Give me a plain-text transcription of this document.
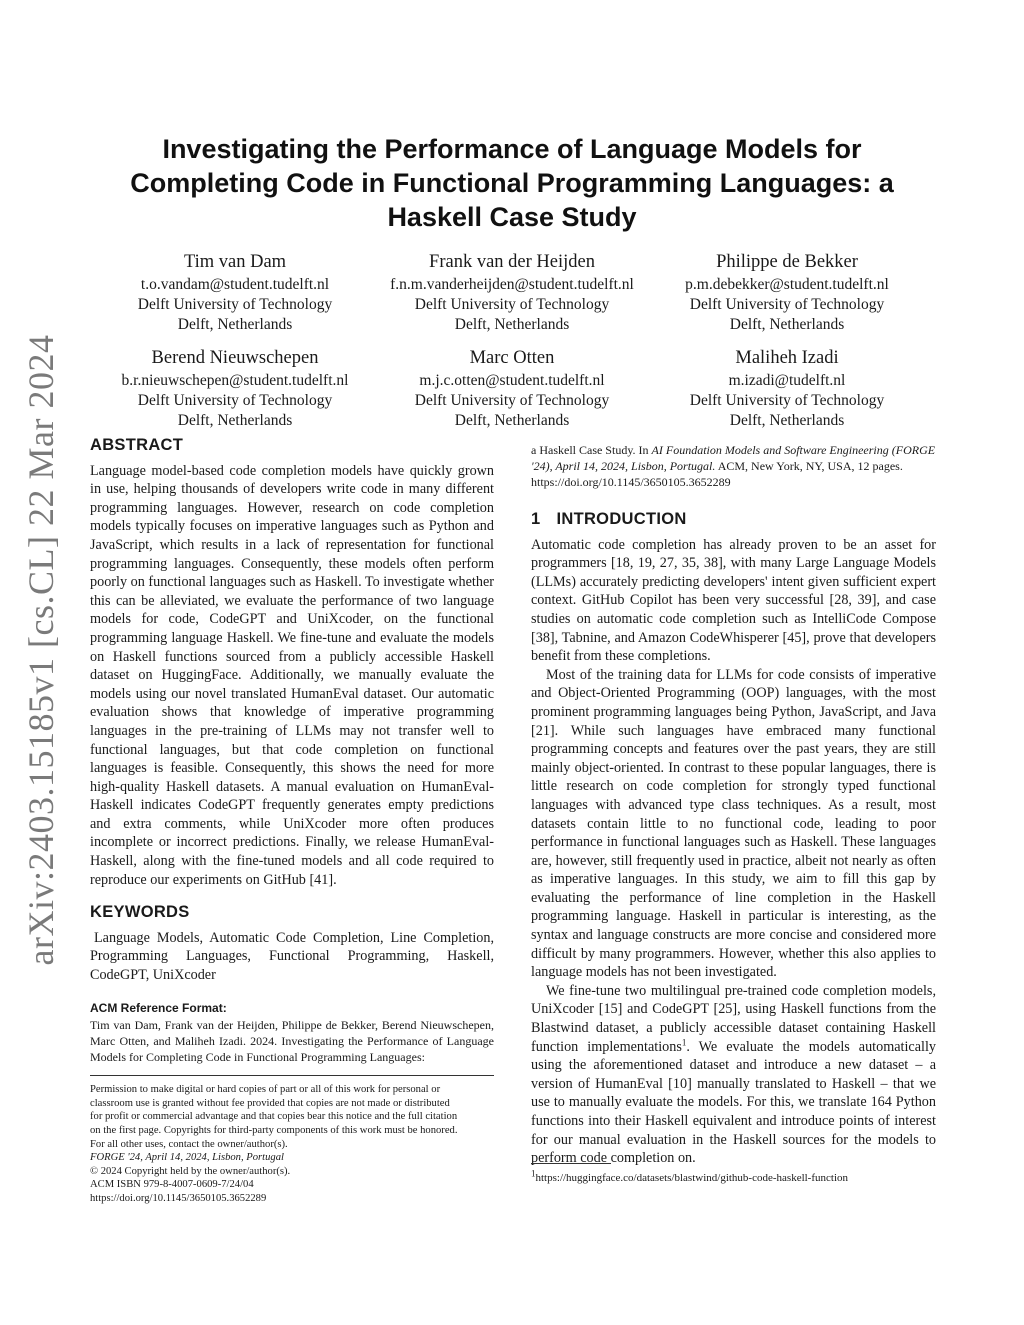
arXiv:2403.15185v1 [cs.CL] 22 Mar 2024
Investigating the Performance of Language Models for Completing Code in Functional Programming Languages: a Haskell Case Study
Tim van Dam
t.o.vandam@student.tudelft.nl
Delft University of Technology
Delft, Netherlands
Frank van der Heijden
f.n.m.vanderheijden@student.tudelft.nl
Delft University of Technology
Delft, Netherlands
Philippe de Bekker
p.m.debekker@student.tudelft.nl
Delft University of Technology
Delft, Netherlands
Berend Nieuwschepen
b.r.nieuwschepen@student.tudelft.nl
Delft University of Technology
Delft, Netherlands
Marc Otten
m.j.c.otten@student.tudelft.nl
Delft University of Technology
Delft, Netherlands
Maliheh Izadi
m.izadi@tudelft.nl
Delft University of Technology
Delft, Netherlands
ABSTRACT

Language model-based code completion models have quickly grown in use, helping thousands of developers write code in many different programming languages. However, research on code completion models typically focuses on imperative languages such as Python and JavaScript, which results in a lack of representation for functional programming languages. Consequently, these models often perform poorly on functional languages such as Haskell. To investigate whether this can be alleviated, we evaluate the performance of two language models for code, CodeGPT and UniXcoder, on the functional programming language Haskell. We fine-tune and evaluate the models on Haskell functions sourced from a publicly accessible Haskell dataset on HuggingFace. Additionally, we manually evaluate the models using our novel translated HumanEval dataset. Our automatic evaluation shows that knowledge of imperative programming languages in the pre-training of LLMs may not transfer well to functional languages, but that code completion on functional languages is feasible. Consequently, this shows the need for more high-quality Haskell datasets. A manual evaluation on HumanEval-Haskell indicates CodeGPT frequently generates empty predictions and extra comments, while UniXcoder more often produces incomplete or incorrect predictions. Finally, we release HumanEval-Haskell, along with the fine-tuned models and all code required to reproduce our experiments on GitHub [41].

KEYWORDS

Language Models, Automatic Code Completion, Line Completion, Programming Languages, Functional Programming, Haskell, CodeGPT, UniXcoder

ACM Reference Format:

Tim van Dam, Frank van der Heijden, Philippe de Bekker, Berend Nieuwschepen, Marc Otten, and Maliheh Izadi. 2024. Investigating the Performance of Language Models for Completing Code in Functional Programming Languages:

Permission to make digital or hard copies of part or all of this work for personal or
classroom use is granted without fee provided that copies are not made or distributed
for profit or commercial advantage and that copies bear this notice and the full citation
on the first page. Copyrights for third-party components of this work must be honored.
For all other uses, contact the owner/author(s).
FORGE '24, April 14, 2024, Lisbon, Portugal
© 2024 Copyright held by the owner/author(s).
ACM ISBN 979-8-4007-0609-7/24/04
https://doi.org/10.1145/3650105.3652289

a Haskell Case Study. In AI Foundation Models and Software Engineering (FORGE '24), April 14, 2024, Lisbon, Portugal. ACM, New York, NY, USA, 12 pages. https://doi.org/10.1145/3650105.3652289

1 INTRODUCTION

Automatic code completion has already proven to be an asset for programmers [18, 19, 27, 35, 38], with many Large Language Models (LLMs) accurately predicting developers' intent given sufficient expert context. GitHub Copilot has been very successful [28, 39], and case studies on automatic code completion such as IntelliCode Compose [38], Tabnine, and Amazon CodeWhisperer [45], prove that developers benefit from these completions.

Most of the training data for LLMs for code consists of imperative and Object-Oriented Programming (OOP) languages, with the most prominent programming languages being Python, JavaScript, and Java [21]. While such languages have embraced many functional programming concepts and features over the past years, they are still mainly object-oriented. In contrast to these popular languages, there is little research on code completion for strongly typed functional languages with advanced type class techniques. As a result, most datasets contain little to no functional code, leading to poor performance in functional languages such as Haskell. These languages are, however, still frequently used in practice, albeit not nearly as often as imperative languages. In this study, we aim to fill this gap by evaluating the performance of line completion in the Haskell programming language. Haskell in particular is interesting, as the syntax and language constructs are more concise and considered more difficult by many programmers. However, whether this also applies to language models has not been investigated.

We fine-tune two multilingual pre-trained code completion models, UniXcoder [15] and CodeGPT [25], using Haskell functions from the Blastwind dataset, a publicly accessible dataset containing Haskell function implementations$^1$. We evaluate the models automatically using the aforementioned dataset and introduce a new dataset – a version of HumanEval [10] manually translated to Haskell – that we use to manually evaluate the models. For this, we translate 164 Python functions into their Haskell equivalent and introduce points of interest for our manual evaluation in the Haskell sources for the models to perform code completion on.

$^1$https://huggingface.co/datasets/blastwind/github-code-haskell-function
